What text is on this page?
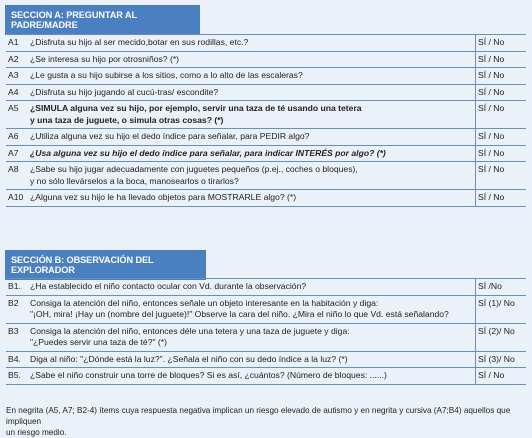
SECCION A: PREGUNTAR AL PADRE/MADRE
A1	¿Disfruta su hijo al ser mecido,botar en sus rodillas, etc.?	SÍ / No
A2	¿Se interesa su hijo por otrosniños? (*)	SÍ / No
A3	¿Le gusta a su hijo subirse a los sitios, como a lo alto de las escaleras?	SÍ / No
A4	¿Disfruta su hijo jugando al cucú-tras/ escondite?	SÍ / No
A5	¿SIMULA alguna vez su hijo, por ejemplo, servir una taza de té usando una tetera
y una taza de juguete, o simula otras cosas? (*)	SÍ / No
A6	¿Utiliza alguna vez su hijo el dedo índice para señalar, para PEDIR algo?	SÍ / No
A7	¿Usa alguna vez su hijo el dedo índice para señalar, para indicar INTERÉS por algo? (*)	SÍ / No
A8	¿Sabe su hijo jugar adecuadamente con juguetes pequeños (p.ej., coches o bloques),
y no sólo llevárselos a la boca, manosearlos o tirarlos?	SÍ / No
A10	¿Alguna vez su hijo le ha llevado objetos para MOSTRARLE algo? (*)	SÍ / No
SECCIÓN B: OBSERVACIÓN DEL EXPLORADOR
B1.	¿Ha establecido el niño contacto ocular con Vd. durante la observación?	SÍ /No
B2	Consiga la atención del niño, entonces señale un objeto interesante en la habitación y diga:
"¡OH, mira! ¡Hay un (nombre del juguete)!" Observe la cara del niño. ¿Mira el niño lo que Vd. está señalando?	SÍ (1)/ No
B3	Consiga la atención del niño, entonces déle una tetera y una taza de juguete y diga:
"¿Puedes servir una taza de té?" (*)	SÍ (2)/ No
B4.	Diga al niño: "¿Dónde está la luz?". ¿Señala el niño con su dedo índice a la luz? (*)	SÍ (3)/ No
B5.	¿Sabe el niño construir una torre de bloques? Si es así, ¿cuántos? (Número de bloques: ......)	SÍ / No
En negrita (A5, A7; B2-4) ítems cuya respuesta negativa implican un riesgo elevado de autismo y en negrita y cursiva (A7;B4) aquellos que impliquen
un riesgo medio.
